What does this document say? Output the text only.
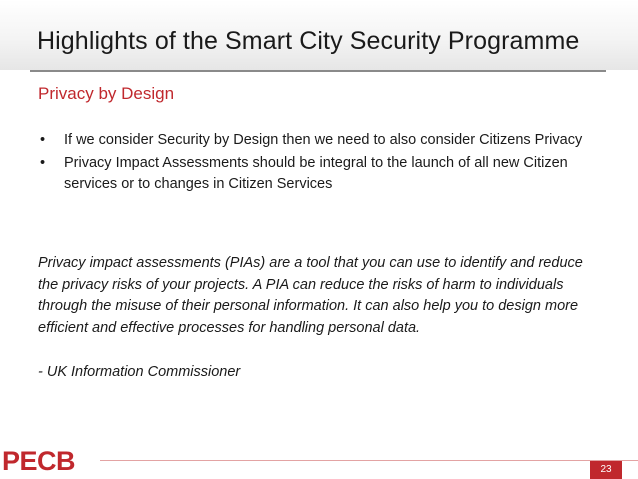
Highlights of the Smart City Security Programme
Privacy by Design
• If we consider Security by Design then we need to also consider Citizens Privacy
• Privacy Impact Assessments should be integral to the launch of all new Citizen services or to changes in Citizen Services
Privacy impact assessments (PIAs) are a tool that you can use to identify and reduce the privacy risks of your projects. A PIA can reduce the risks of harm to individuals through the misuse of their personal information. It can also help you to design more efficient and effective processes for handling personal data.
- UK Information Commissioner
PECB	23
